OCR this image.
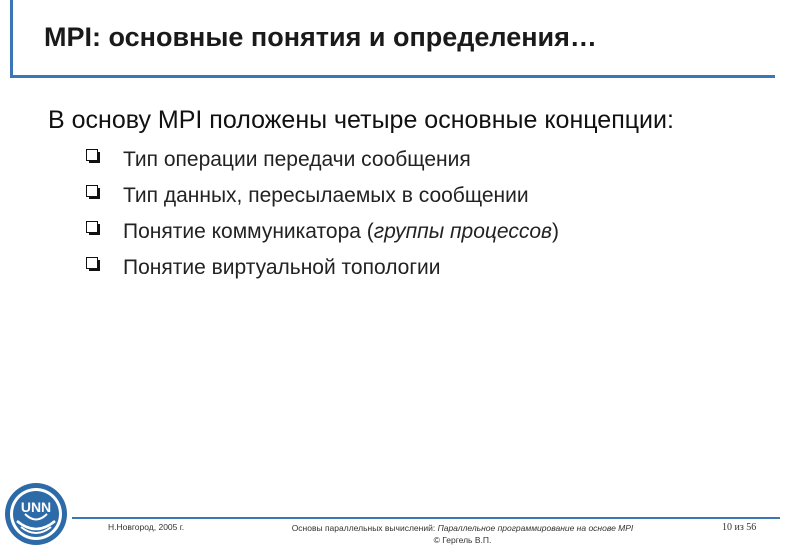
MPI: основные понятия и определения…
В основу MPI положены четыре основные концепции:
Тип операции передачи сообщения
Тип данных, пересылаемых в сообщении
Понятие коммуникатора (группы процессов)
Понятие виртуальной топологии
UNN
Н.Новгород, 2005 г.	Основы параллельных вычислений: Параллельное программирование на основе MPI
© Гергель В.П.
10 из 56
